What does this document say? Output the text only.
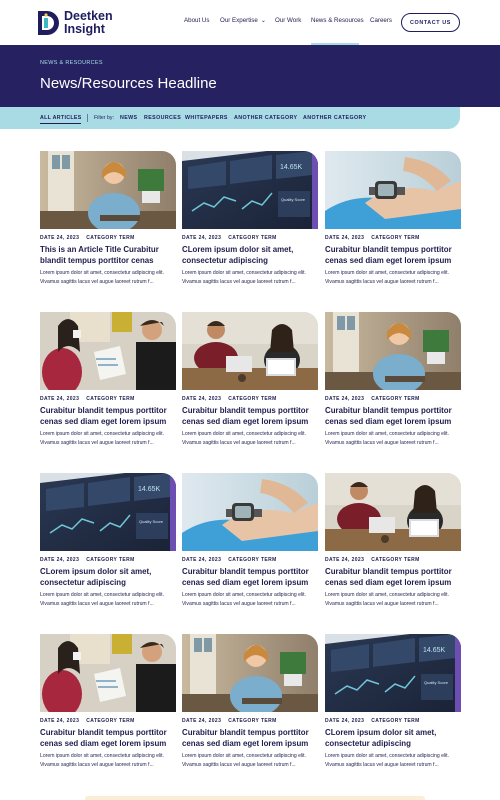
Deetken
Insight
About Us Our Expertise ⌄ Our Work News & Resources Careers	CONTACT US
NEWS & RESOURCES
News/Resources Headline
ALL ARTICLES Filter by: NEWS RESOURCES WHITEPAPERS ANOTHER CATEGORY ANOTHER CATEGORY
DATE 24, 2023 CATEGORY TERM
This is an Article Title Curabitur blandit tempus porttitor cenas
Lorem ipsum dolor sit amet, consectetur adipiscing elit. Vivamus sagittis lacus vel augue laoreet rutrum f...
14.65K
Quality Score
DATE 24, 2023 CATEGORY TERM
CLorem ipsum dolor sit amet, consectetur adipiscing
Lorem ipsum dolor sit amet, consectetur adipiscing elit. Vivamus sagittis lacus vel augue laoreet rutrum f...
DATE 24, 2023 CATEGORY TERM
Curabitur blandit tempus porttitor cenas sed diam eget lorem ipsum
Lorem ipsum dolor sit amet, consectetur adipiscing elit. Vivamus sagittis lacus vel augue laoreet rutrum f...
DATE 24, 2023 CATEGORY TERM
Curabitur blandit tempus porttitor cenas sed diam eget lorem ipsum
Lorem ipsum dolor sit amet, consectetur adipiscing elit. Vivamus sagittis lacus vel augue laoreet rutrum f...
DATE 24, 2023 CATEGORY TERM
Curabitur blandit tempus porttitor cenas sed diam eget lorem ipsum
Lorem ipsum dolor sit amet, consectetur adipiscing elit. Vivamus sagittis lacus vel augue laoreet rutrum f...
DATE 24, 2023 CATEGORY TERM
Curabitur blandit tempus porttitor cenas sed diam eget lorem ipsum
Lorem ipsum dolor sit amet, consectetur adipiscing elit. Vivamus sagittis lacus vel augue laoreet rutrum f...
14.65K
Quality Score
DATE 24, 2023 CATEGORY TERM
CLorem ipsum dolor sit amet, consectetur adipiscing
Lorem ipsum dolor sit amet, consectetur adipiscing elit. Vivamus sagittis lacus vel augue laoreet rutrum f...
DATE 24, 2023 CATEGORY TERM
Curabitur blandit tempus porttitor cenas sed diam eget lorem ipsum
Lorem ipsum dolor sit amet, consectetur adipiscing elit. Vivamus sagittis lacus vel augue laoreet rutrum f...
DATE 24, 2023 CATEGORY TERM
Curabitur blandit tempus porttitor cenas sed diam eget lorem ipsum
Lorem ipsum dolor sit amet, consectetur adipiscing elit. Vivamus sagittis lacus vel augue laoreet rutrum f...
DATE 24, 2023 CATEGORY TERM
Curabitur blandit tempus porttitor cenas sed diam eget lorem ipsum
Lorem ipsum dolor sit amet, consectetur adipiscing elit. Vivamus sagittis lacus vel augue laoreet rutrum f...
DATE 24, 2023 CATEGORY TERM
Curabitur blandit tempus porttitor cenas sed diam eget lorem ipsum
Lorem ipsum dolor sit amet, consectetur adipiscing elit. Vivamus sagittis lacus vel augue laoreet rutrum f...
14.65K
Quality Score
DATE 24, 2023 CATEGORY TERM
CLorem ipsum dolor sit amet, consectetur adipiscing
Lorem ipsum dolor sit amet, consectetur adipiscing elit. Vivamus sagittis lacus vel augue laoreet rutrum f...
